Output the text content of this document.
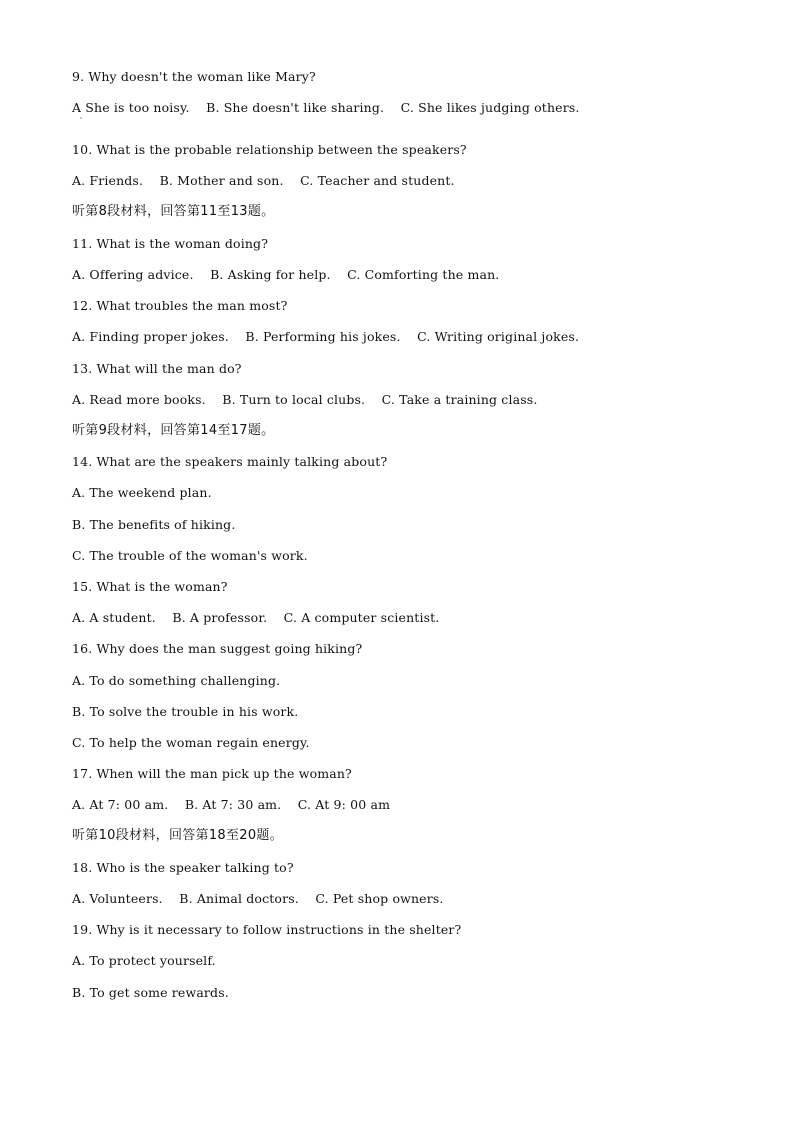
9. Why doesn't the woman like Mary?
A She is too noisy.    B. She doesn't like sharing.    C. She likes judging others.
ˋ
10. What is the probable relationship between the speakers?
A. Friends.    B. Mother and son.    C. Teacher and student.
听第8段材料，回答第11至13题。
11. What is the woman doing?
A. Offering advice.    B. Asking for help.    C. Comforting the man.
12. What troubles the man most?
A. Finding proper jokes.    B. Performing his jokes.    C. Writing original jokes.
13. What will the man do?
A. Read more books.    B. Turn to local clubs.    C. Take a training class.
听第9段材料，回答第14至17题。
14. What are the speakers mainly talking about?
A. The weekend plan.
B. The benefits of hiking.
C. The trouble of the woman's work.
15. What is the woman?
A. A student.    B. A professor.    C. A computer scientist.
16. Why does the man suggest going hiking?
A. To do something challenging.
B. To solve the trouble in his work.
C. To help the woman regain energy.
17. When will the man pick up the woman?
A. At 7: 00 am.    B. At 7: 30 am.    C. At 9: 00 am
听第10段材料，回答第18至20题。
18. Who is the speaker talking to?
A. Volunteers.    B. Animal doctors.    C. Pet shop owners.
19. Why is it necessary to follow instructions in the shelter?
A. To protect yourself.
B. To get some rewards.
